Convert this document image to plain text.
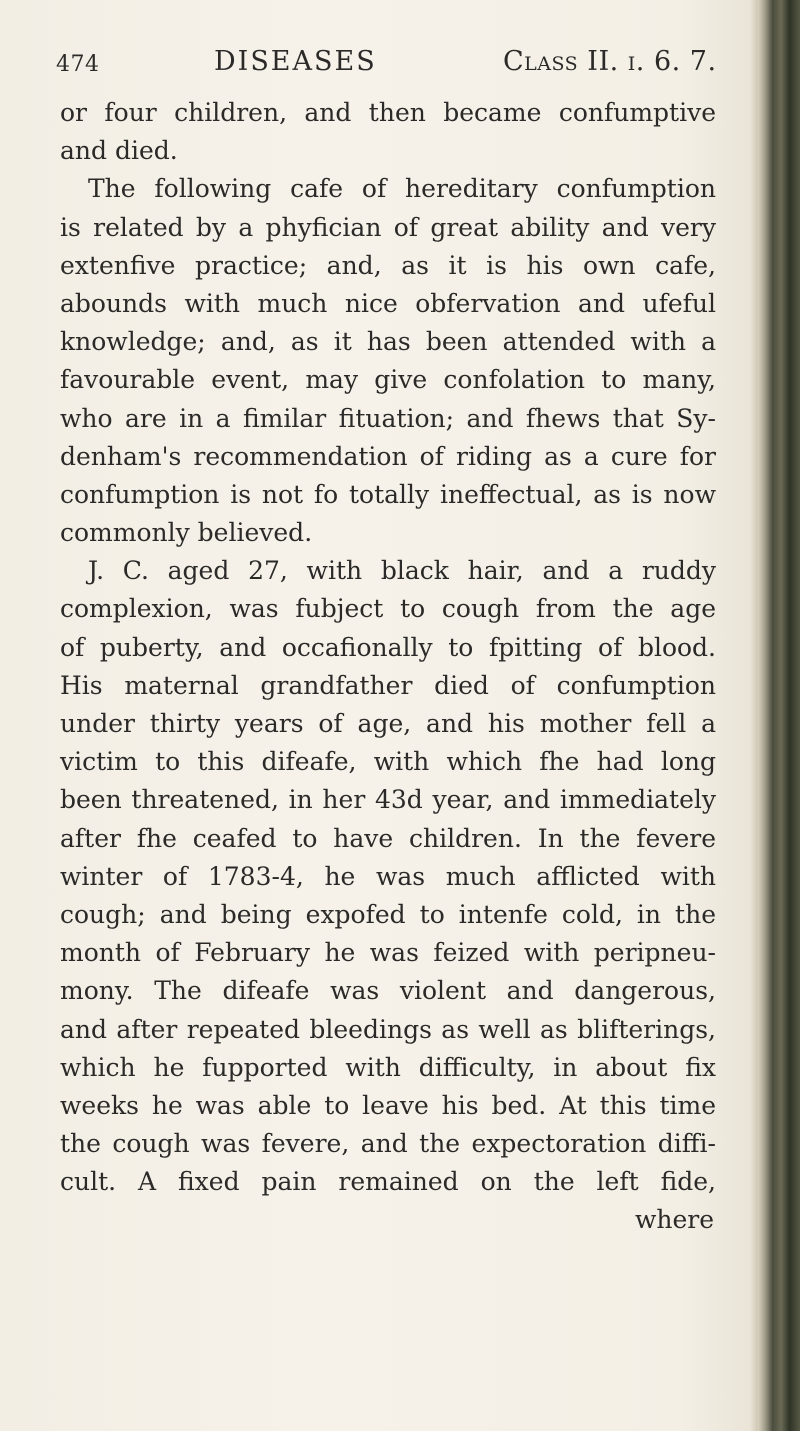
474	DISEASES	Class II. i. 6. 7.
or four children, and then became confumptive
and died.
The following cafe of hereditary confumption
is related by a phyfician of great ability and very
extenfive practice; and, as it is his own cafe,
abounds with much nice obfervation and ufeful
knowledge; and, as it has been attended with a
favourable event, may give confolation to many,
who are in a fimilar fituation; and fhews that Sy-
denham's recommendation of riding as a cure for
confumption is not fo totally ineffectual, as is now
commonly believed.
J. C. aged 27, with black hair, and a ruddy
complexion, was fubject to cough from the age
of puberty, and occafionally to fpitting of blood.
His maternal grandfather died of confumption
under thirty years of age, and his mother fell a
victim to this difeafe, with which fhe had long
been threatened, in her 43d year, and immediately
after fhe ceafed to have children. In the fevere
winter of 1783-4, he was much afflicted with
cough; and being expofed to intenfe cold, in the
month of February he was feized with peripneu-
mony. The difeafe was violent and dangerous,
and after repeated bleedings as well as blifterings,
which he fupported with difficulty, in about fix
weeks he was able to leave his bed. At this time
the cough was fevere, and the expectoration diffi-
cult. A fixed pain remained on the left fide,
where
